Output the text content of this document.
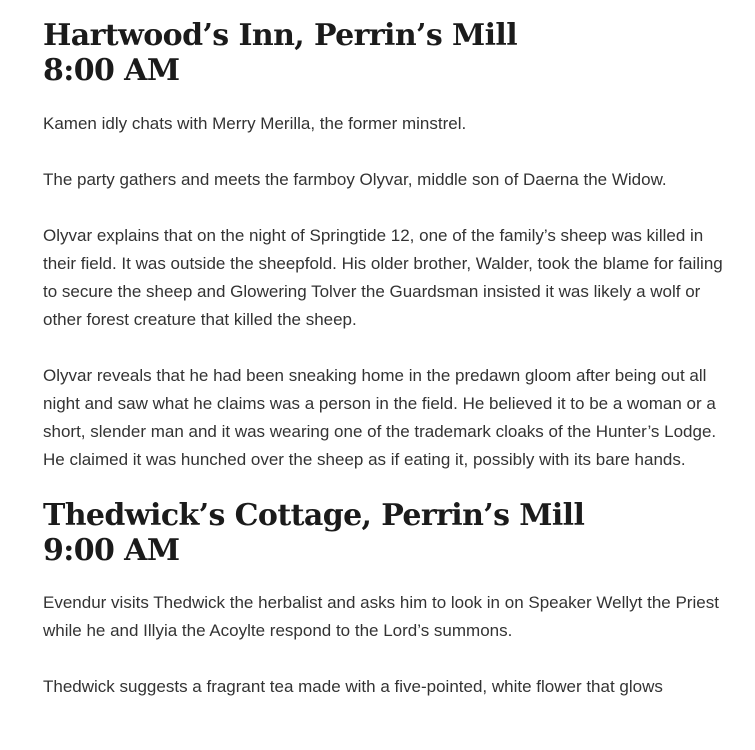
Hartwood’s Inn, Perrin’s Mill
8:00 AM

Kamen idly chats with Merry Merilla, the former minstrel.

The party gathers and meets the farmboy Olyvar, middle son of Daerna the Widow.

Olyvar explains that on the night of Springtide 12, one of the family’s sheep was killed in their field. It was outside the sheepfold. His older brother, Walder, took the blame for failing to secure the sheep and Glowering Tolver the Guardsman insisted it was likely a wolf or other forest creature that killed the sheep.

Olyvar reveals that he had been sneaking home in the predawn gloom after being out all night and saw what he claims was a person in the field. He believed it to be a woman or a short, slender man and it was wearing one of the trademark cloaks of the Hunter’s Lodge. He claimed it was hunched over the sheep as if eating it, possibly with its bare hands.

Thedwick’s Cottage, Perrin’s Mill
9:00 AM

Evendur visits Thedwick the herbalist and asks him to look in on Speaker Wellyt the Priest while he and Illyia the Acoylte respond to the Lord’s summons.

Thedwick suggests a fragrant tea made with a five-pointed, white flower that glows
